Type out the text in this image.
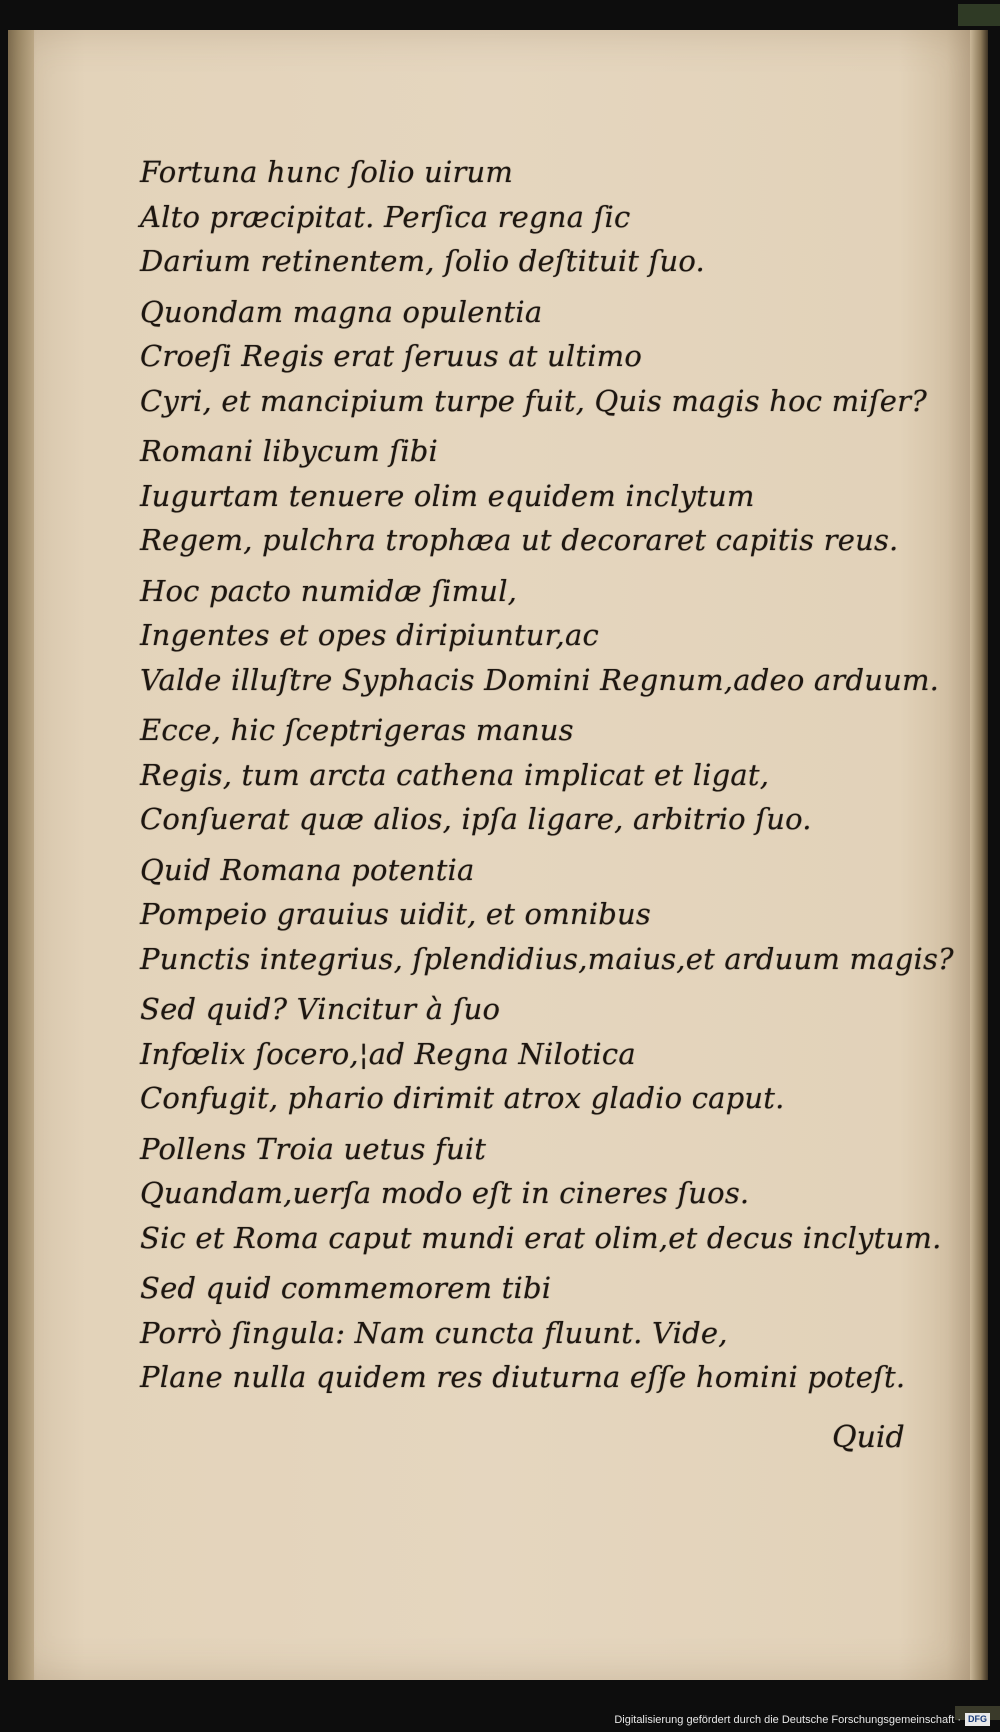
Fortuna hunc ſolio uirum
Alto præcipitat. Perſica regna ſic
Darium retinentem, ſolio deſtituit ſuo.
Quondam magna opulentia
Croeſi Regis erat ſeruus at ultimo
Cyri, et mancipium turpe fuit, Quis magis hoc miſer?
Romani libycum ſibi
Iugurtam tenuere olim equidem inclytum
Regem, pulchra trophæa ut decoraret capitis reus.
Hoc pacto numidæ ſimul,
Ingentes et opes diripiuntur,ac
Valde illuſtre Syphacis Domini Regnum,adeo arduum.
Ecce, hic ſceptrigeras manus
Regis, tum arcta cathena implicat et ligat,
Conſuerat quæ alios, ipſa ligare, arbitrio ſuo.
Quid Romana potentia
Pompeio grauius uidit, et omnibus
Punctis integrius, ſplendidius,maius,et arduum magis?
Sed quid? Vincitur à ſuo
Infœlix ſocero,¦ad Regna Nilotica
Confugit, phario dirimit atrox gladio caput.
Pollens Troia uetus fuit
Quandam,uerſa modo eſt in cineres ſuos.
Sic et Roma caput mundi erat olim,et decus inclytum.
Sed quid commemorem tibi
Porrò ſingula: Nam cuncta fluunt. Vide,
Plane nulla quidem res diuturna eſſe homini poteſt.
Quid
Digitalisierung gefördert durch die Deutsche Forschungsgemeinschaft · DFG
